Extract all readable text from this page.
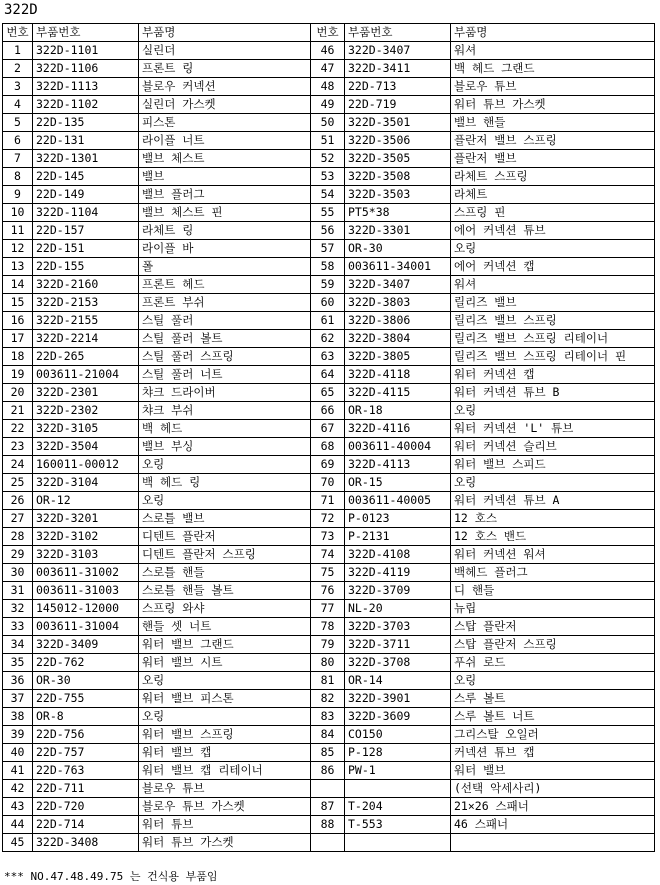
322D
번호	부품번호	부품명	번호	부품번호	부품명
1	322D-1101	실린더	46	322D-3407	워셔
2	322D-1106	프론트 링	47	322D-3411	백 헤드 그랜드
3	322D-1113	블로우 커넥션	48	22D-713	블로우 튜브
4	322D-1102	실린더 가스켓	49	22D-719	워터 튜브 가스켓
5	22D-135	피스톤	50	322D-3501	밸브 핸들
6	22D-131	라이플 너트	51	322D-3506	플란저 밸브 스프링
7	322D-1301	밸브 체스트	52	322D-3505	플란저 밸브
8	22D-145	밸브	53	322D-3508	라체트 스프링
9	22D-149	밸브 플러그	54	322D-3503	라체트
10	322D-1104	밸브 체스트 핀	55	PT5*38	스프링 핀
11	22D-157	라체트 링	56	322D-3301	에어 커넥션 튜브
12	22D-151	라이플 바	57	OR-30	오링
13	22D-155	폴	58	003611-34001	에어 커넥션 캡
14	322D-2160	프론트 헤드	59	322D-3407	워셔
15	322D-2153	프론트 부쉬	60	322D-3803	릴리즈 밸브
16	322D-2155	스틸 풀러	61	322D-3806	릴리즈 밸브 스프링
17	322D-2214	스틸 풀러 볼트	62	322D-3804	릴리즈 밸브 스프링 리테이너
18	22D-265	스틸 풀러 스프링	63	322D-3805	릴리즈 밸브 스프링 리테이너 핀
19	003611-21004	스틸 풀러 너트	64	322D-4118	워터 커넥션 캡
20	322D-2301	챠크 드라이버	65	322D-4115	워터 커넥션 튜브 B
21	322D-2302	챠크 부쉬	66	OR-18	오링
22	322D-3105	백 헤드	67	322D-4116	워터 커넥션 'L' 튜브
23	322D-3504	밸브 부싱	68	003611-40004	워터 커넥션 슬리브
24	160011-00012	오링	69	322D-4113	워터 밸브 스피드
25	322D-3104	백 헤드 링	70	OR-15	오링
26	OR-12	오링	71	003611-40005	워터 커넥션 튜브 A
27	322D-3201	스로틀 밸브	72	P-0123	12 호스
28	322D-3102	디텐트 플란저	73	P-2131	12 호스 밴드
29	322D-3103	디텐트 플란저 스프링	74	322D-4108	워터 커넥션 워셔
30	003611-31002	스로틀 핸들	75	322D-4119	백헤드 플러그
31	003611-31003	스로틀 핸들 볼트	76	322D-3709	디 핸들
32	145012-12000	스프링 와샤	77	NL-20	뉴립
33	003611-31004	핸들 셋 너트	78	322D-3703	스탑 플란저
34	322D-3409	워터 밸브 그랜드	79	322D-3711	스탑 플란저 스프링
35	22D-762	워터 밸브 시트	80	322D-3708	푸쉬 로드
36	OR-30	오링	81	OR-14	오링
37	22D-755	워터 밸브 피스톤	82	322D-3901	스루 볼트
38	OR-8	오링	83	322D-3609	스루 볼트 너트
39	22D-756	워터 밸브 스프링	84	CO150	그리스탈 오일러
40	22D-757	워터 밸브 캡	85	P-128	커넥션 튜브 캡
41	22D-763	워터 밸브 캡 리테이너	86	PW-1	워터 밸브
42	22D-711	블로우 튜브			(선택 악세사리)
43	22D-720	블로우 튜브 가스켓	87	T-204	21×26 스패너
44	22D-714	워터 튜브	88	T-553	46 스패너
45	322D-3408	워터 튜브 가스켓			
*** NO.47.48.49.75 는 건식용 부품임
